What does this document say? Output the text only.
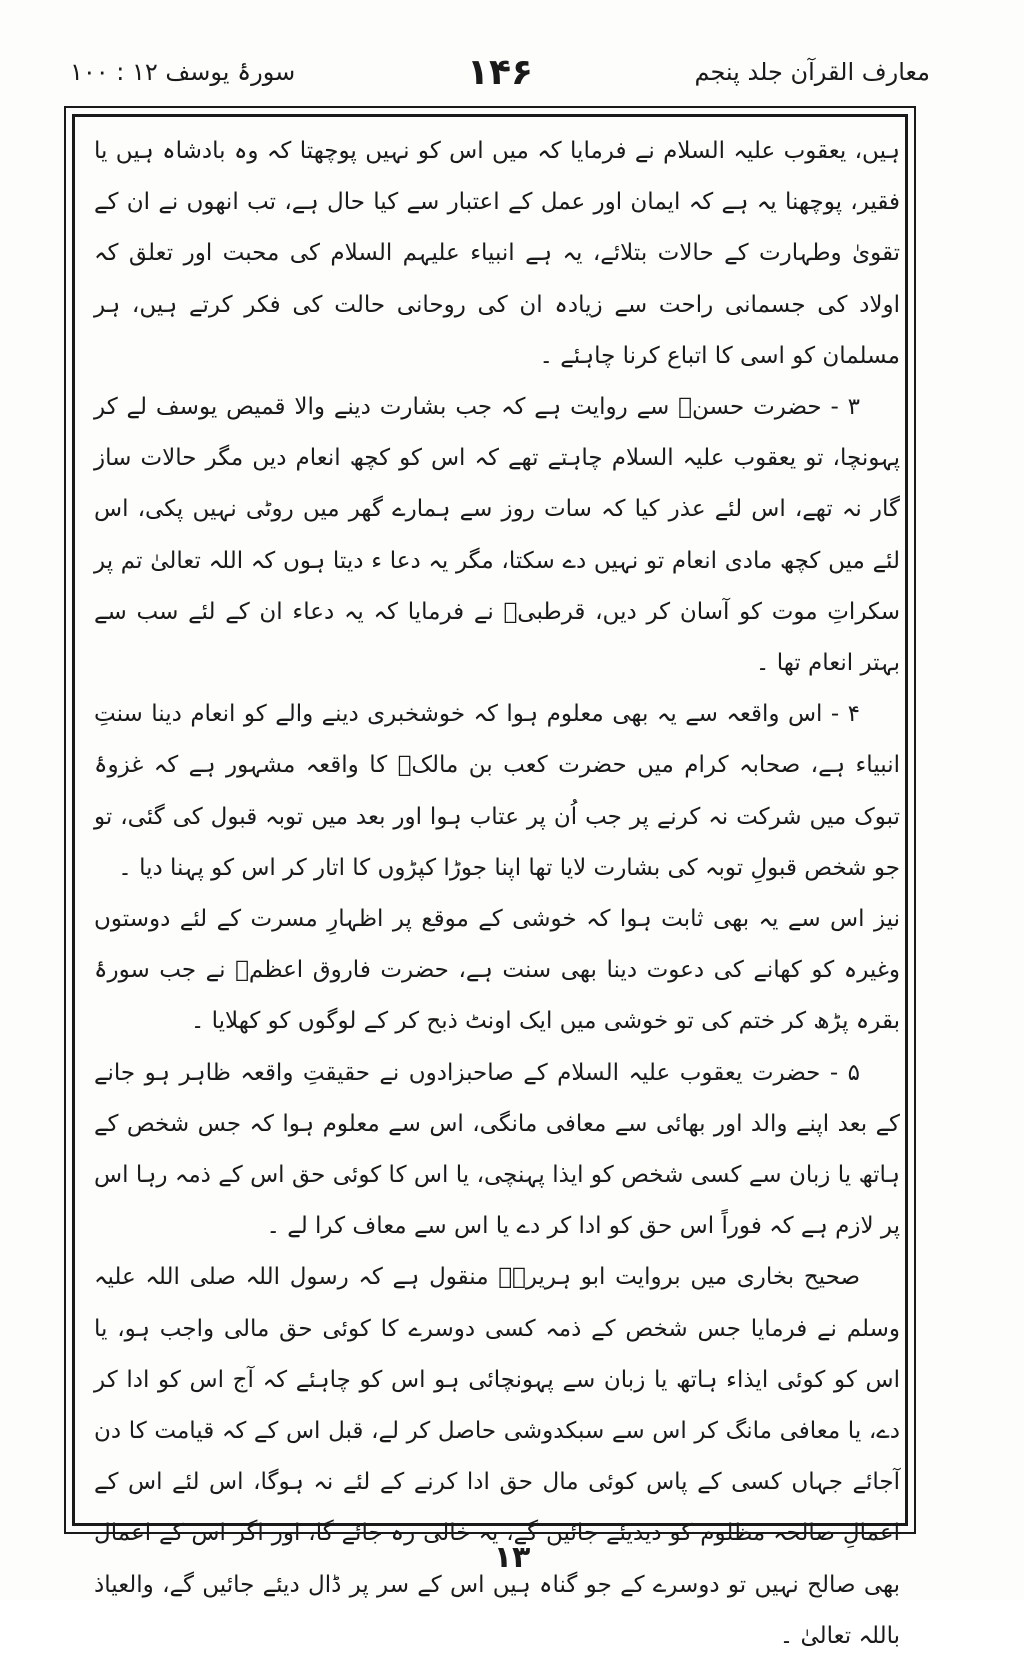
معارف القرآن جلد پنجم
۱۴۶
سورۂ یوسف ۱۲ : ۱۰۰

ہیں، یعقوب علیہ السلام نے فرمایا کہ میں اس کو نہیں پوچھتا کہ وہ بادشاہ ہیں یا فقیر، پوچھنا یہ ہے کہ ایمان اور عمل کے اعتبار سے کیا حال ہے، تب انھوں نے ان کے تقویٰ وطہارت کے حالات بتلائے، یہ ہے انبیاء علیہم السلام کی محبت اور تعلق کہ اولاد کی جسمانی راحت سے زیادہ ان کی روحانی حالت کی فکر کرتے ہیں، ہر مسلمان کو اسی کا اتباع کرنا چاہئے ۔

۳ - حضرت حسنؒ سے روایت ہے کہ جب بشارت دینے والا قمیص یوسف لے کر پہونچا، تو یعقوب علیہ السلام چاہتے تھے کہ اس کو کچھ انعام دیں مگر حالات ساز گار نہ تھے، اس لئے عذر کیا کہ سات روز سے ہمارے گھر میں روٹی نہیں پکی، اس لئے میں کچھ مادی انعام تو نہیں دے سکتا، مگر یہ دعا ء دیتا ہوں کہ اللہ تعالیٰ تم پر سکراتِ موت کو آسان کر دیں، قرطبیؒ نے فرمایا کہ یہ دعاء ان کے لئے سب سے بہتر انعام تھا ۔

۴ - اس واقعہ سے یہ بھی معلوم ہوا کہ خوشخبری دینے والے کو انعام دینا سنتِ انبیاء ہے، صحابہ کرام میں حضرت کعب بن مالکؓ کا واقعہ مشہور ہے کہ غزوۂ تبوک میں شرکت نہ کرنے پر جب اُن پر عتاب ہوا اور بعد میں توبہ قبول کی گئی، تو جو شخص قبولِ توبہ کی بشارت لایا تھا اپنا جوڑا کپڑوں کا اتار کر اس کو پہنا دیا ۔

نیز اس سے یہ بھی ثابت ہوا کہ خوشی کے موقع پر اظہارِ مسرت کے لئے دوستوں وغیرہ کو کھانے کی دعوت دینا بھی سنت ہے، حضرت فاروق اعظمؓ نے جب سورۂ بقرہ پڑھ کر ختم کی تو خوشی میں ایک اونٹ ذبح کر کے لوگوں کو کھلایا ۔

۵ - حضرت یعقوب علیہ السلام کے صاحبزادوں نے حقیقتِ واقعہ ظاہر ہو جانے کے بعد اپنے والد اور بھائی سے معافی مانگی، اس سے معلوم ہوا کہ جس شخص کے ہاتھ یا زبان سے کسی شخص کو ایذا پہنچی، یا اس کا کوئی حق اس کے ذمہ رہا اس پر لازم ہے کہ فوراً اس حق کو ادا کر دے یا اس سے معاف کرا لے ۔

صحیح بخاری میں بروایت ابو ہریرہؓ منقول ہے کہ رسول اللہ صلی اللہ علیہ وسلم نے فرمایا جس شخص کے ذمہ کسی دوسرے کا کوئی حق مالی واجب ہو، یا اس کو کوئی ایذاء ہاتھ یا زبان سے پہونچائی ہو اس کو چاہئے کہ آج اس کو ادا کر دے، یا معافی مانگ کر اس سے سبکدوشی حاصل کر لے، قبل اس کے کہ قیامت کا دن آجائے جہاں کسی کے پاس کوئی مال حق ادا کرنے کے لئے نہ ہوگا، اس لئے اس کے اعمالِ صالحہ مظلوم کو دیدیئے جائیں گے، یہ خالی رہ جائے گا، اور اگر اس کے اعمال بھی صالح نہیں تو دوسرے کے جو گناہ ہیں اس کے سر پر ڈال دیئے جائیں گے، والعیاذ باللہ تعالیٰ ۔

۱۳
